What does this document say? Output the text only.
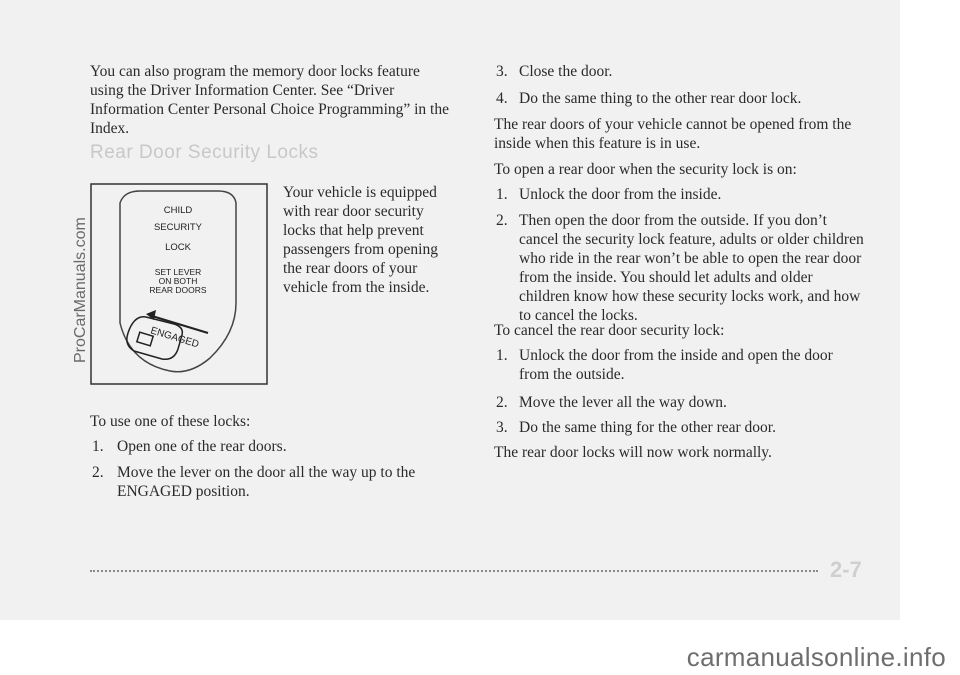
You can also program the memory door locks feature using the Driver Information Center. See “Driver Information Center Personal Choice Programming” in the Index.

Rear Door Security Locks
CHILD
SECURITY
LOCK
SET LEVER
ON BOTH
REAR DOORS
ENGAGED

Your vehicle is equipped with rear door security locks that help prevent passengers from opening the rear doors of your vehicle from the inside.

To use one of these locks:

1. Open one of the rear doors.
2. Move the lever on the door all the way up to the ENGAGED position.
3. Close the door.
4. Do the same thing to the other rear door lock.

The rear doors of your vehicle cannot be opened from the inside when this feature is in use.

To open a rear door when the security lock is on:

1. Unlock the door from the inside.
2. Then open the door from the outside. If you don’t cancel the security lock feature, adults or older children who ride in the rear won’t be able to open the rear door from the inside. You should let adults and older children know how these security locks work, and how to cancel the locks.

To cancel the rear door security lock:

1. Unlock the door from the inside and open the door from the outside.
2. Move the lever all the way down.
3. Do the same thing for the other rear door.

The rear door locks will now work normally.

2-7
ProCarManuals.com
carmanualsonline.info
